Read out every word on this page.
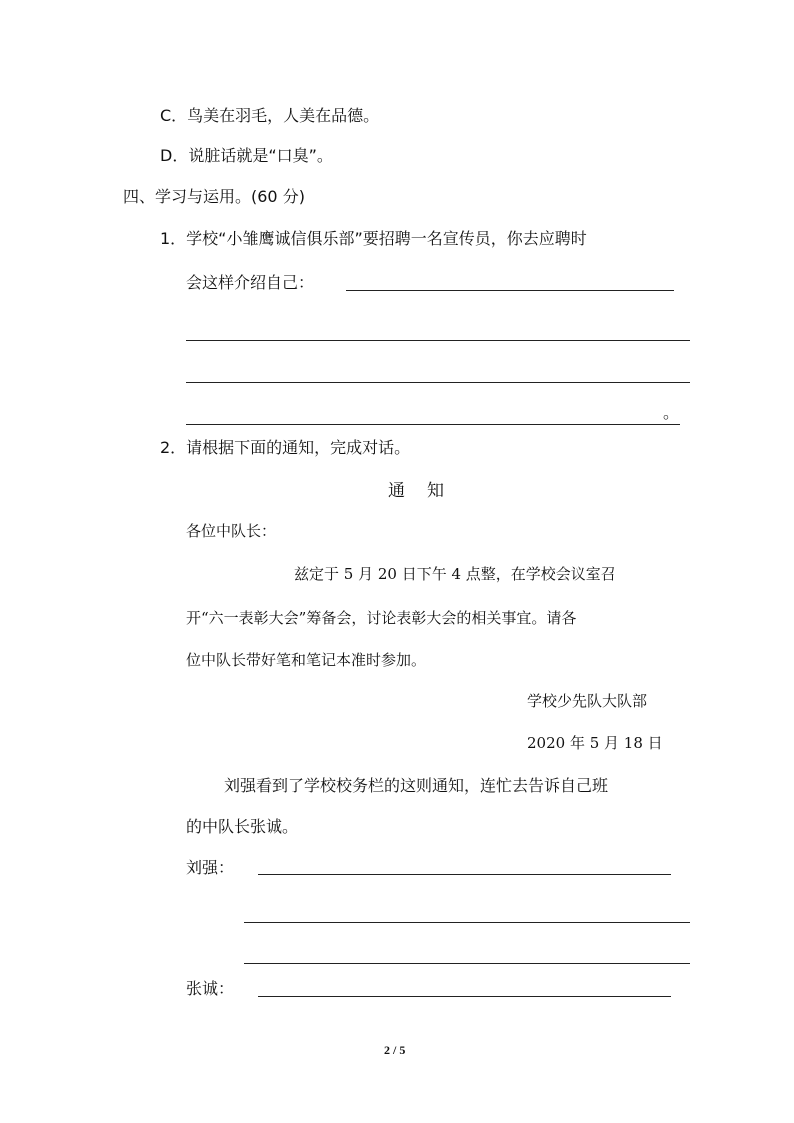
C．鸟美在羽毛，人美在品德。
D．说脏话就是“口臭”。
四、学习与运用。(60 分)
1．学校“小雏鹰诚信俱乐部”要招聘一名宣传员，你去应聘时
会这样介绍自己：
。
2．请根据下面的通知，完成对话。
通知
各位中队长：
兹定于 5 月 20 日下午 4 点整，在学校会议室召
开“六一表彰大会”筹备会，讨论表彰大会的相关事宜。请各
位中队长带好笔和笔记本准时参加。
学校少先队大队部
2020 年 5 月 18 日
刘强看到了学校校务栏的这则通知，连忙去告诉自己班
的中队长张诚。
刘强：
张诚：
2 / 5
